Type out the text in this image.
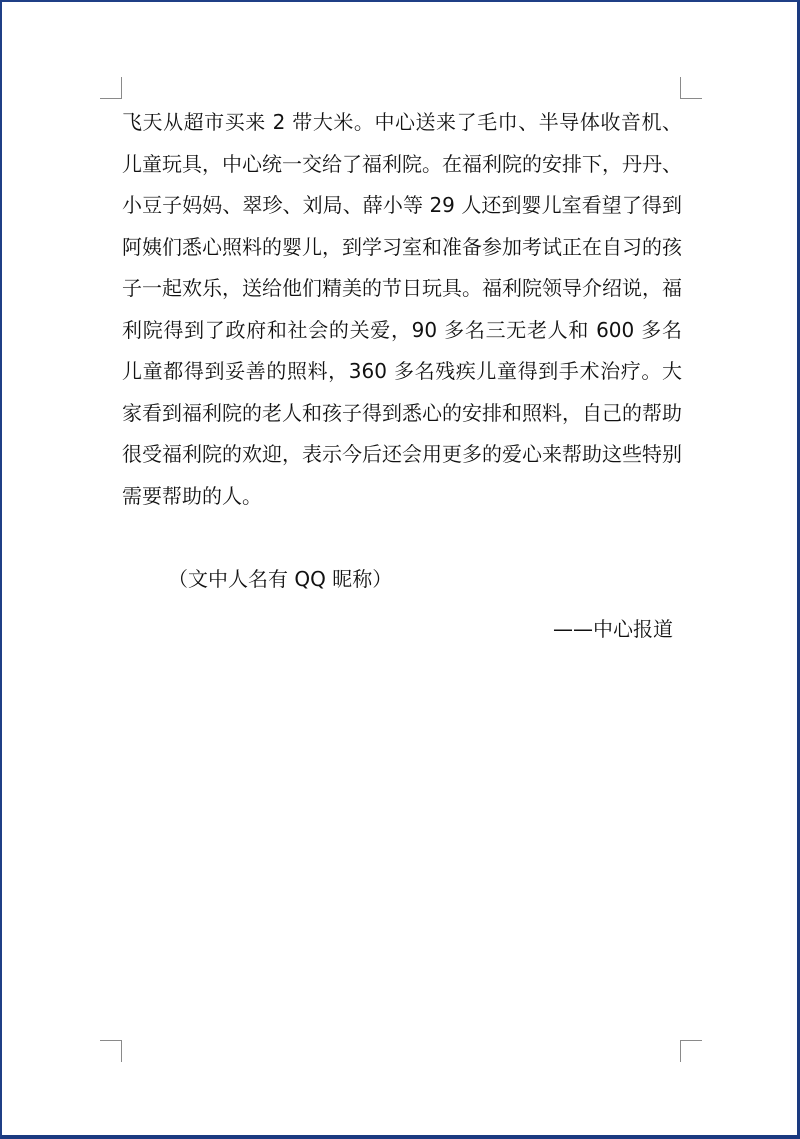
飞天从超市买来 2 带大米。中心送来了毛巾、半导体收音机、儿童玩具，中心统一交给了福利院。在福利院的安排下，丹丹、小豆子妈妈、翠珍、刘局、薛小等 29 人还到婴儿室看望了得到阿姨们悉心照料的婴儿，到学习室和准备参加考试正在自习的孩子一起欢乐，送给他们精美的节日玩具。福利院领导介绍说，福利院得到了政府和社会的关爱，90 多名三无老人和 600 多名儿童都得到妥善的照料，360 多名残疾儿童得到手术治疗。大家看到福利院的老人和孩子得到悉心的安排和照料，自己的帮助很受福利院的欢迎，表示今后还会用更多的爱心来帮助这些特别需要帮助的人。

（文中人名有 QQ 昵称）

——中心报道
